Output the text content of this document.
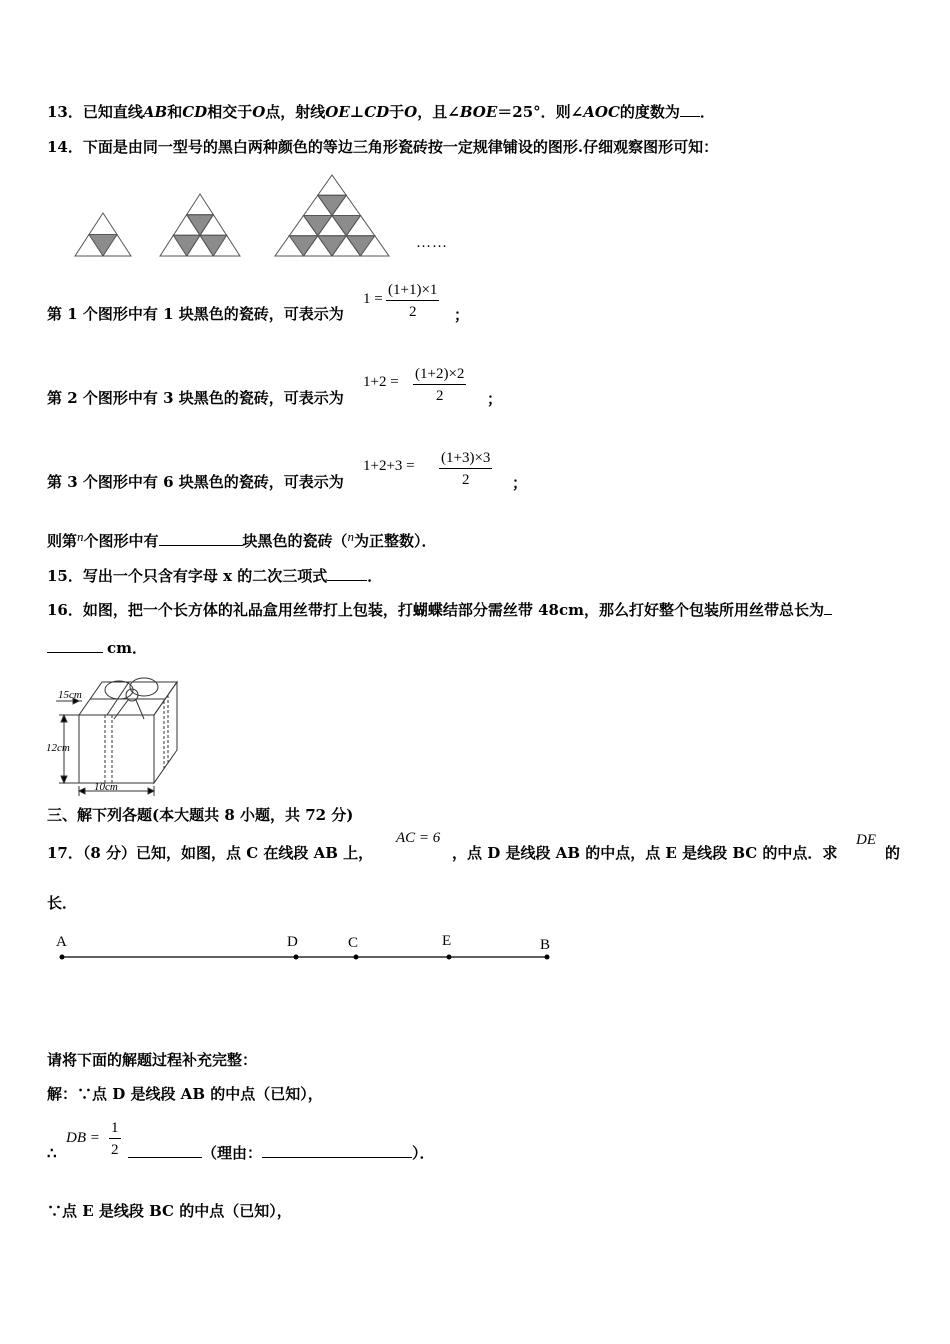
13．已知直线AB和CD相交于O点，射线OE⊥CD于O，且∠BOE＝25°．则∠AOC的度数为 ．
14．下面是由同一型号的黑白两种颜色的等边三角形瓷砖按一定规律铺设的图形.仔细观察图形可知：
……
第 1 个图形中有 1 块黑色的瓷砖，可表示为
$1 = \frac{(1+1)\times 1}{2}$ ；
第 2 个图形中有 3 块黑色的瓷砖，可表示为
$1+2 = \frac{(1+2)\times 2}{2}$ ；
第 3 个图形中有 6 块黑色的瓷砖，可表示为
$1+2+3 = \frac{(1+3)\times 3}{2}$ ；
则第n个图形中有	块黑色的瓷砖（n为正整数）．
15．写出一个只含有字母 x 的二次三项式	．
16．如图，把一个长方体的礼品盒用丝带打上包装，打蝴蝶结部分需丝带 48cm，那么打好整个包装所用丝带总长为
cm．
15cm
12cm
10cm
三、解下列各题(本大题共 8 小题，共 72 分)
17．（8 分）已知，如图，点 C 在线段 AB 上，
AC = 6
，点 D 是线段 AB 的中点，点 E 是线段 BC 的中点．求
DE
的
长．
A	D	C	E	B
请将下面的解题过程补充完整：
解：∵点 D 是线段 AB 的中点（已知），
∴
DB = $\frac{1}{2}$	（理由：	）．
∵点 E 是线段 BC 的中点（已知），
